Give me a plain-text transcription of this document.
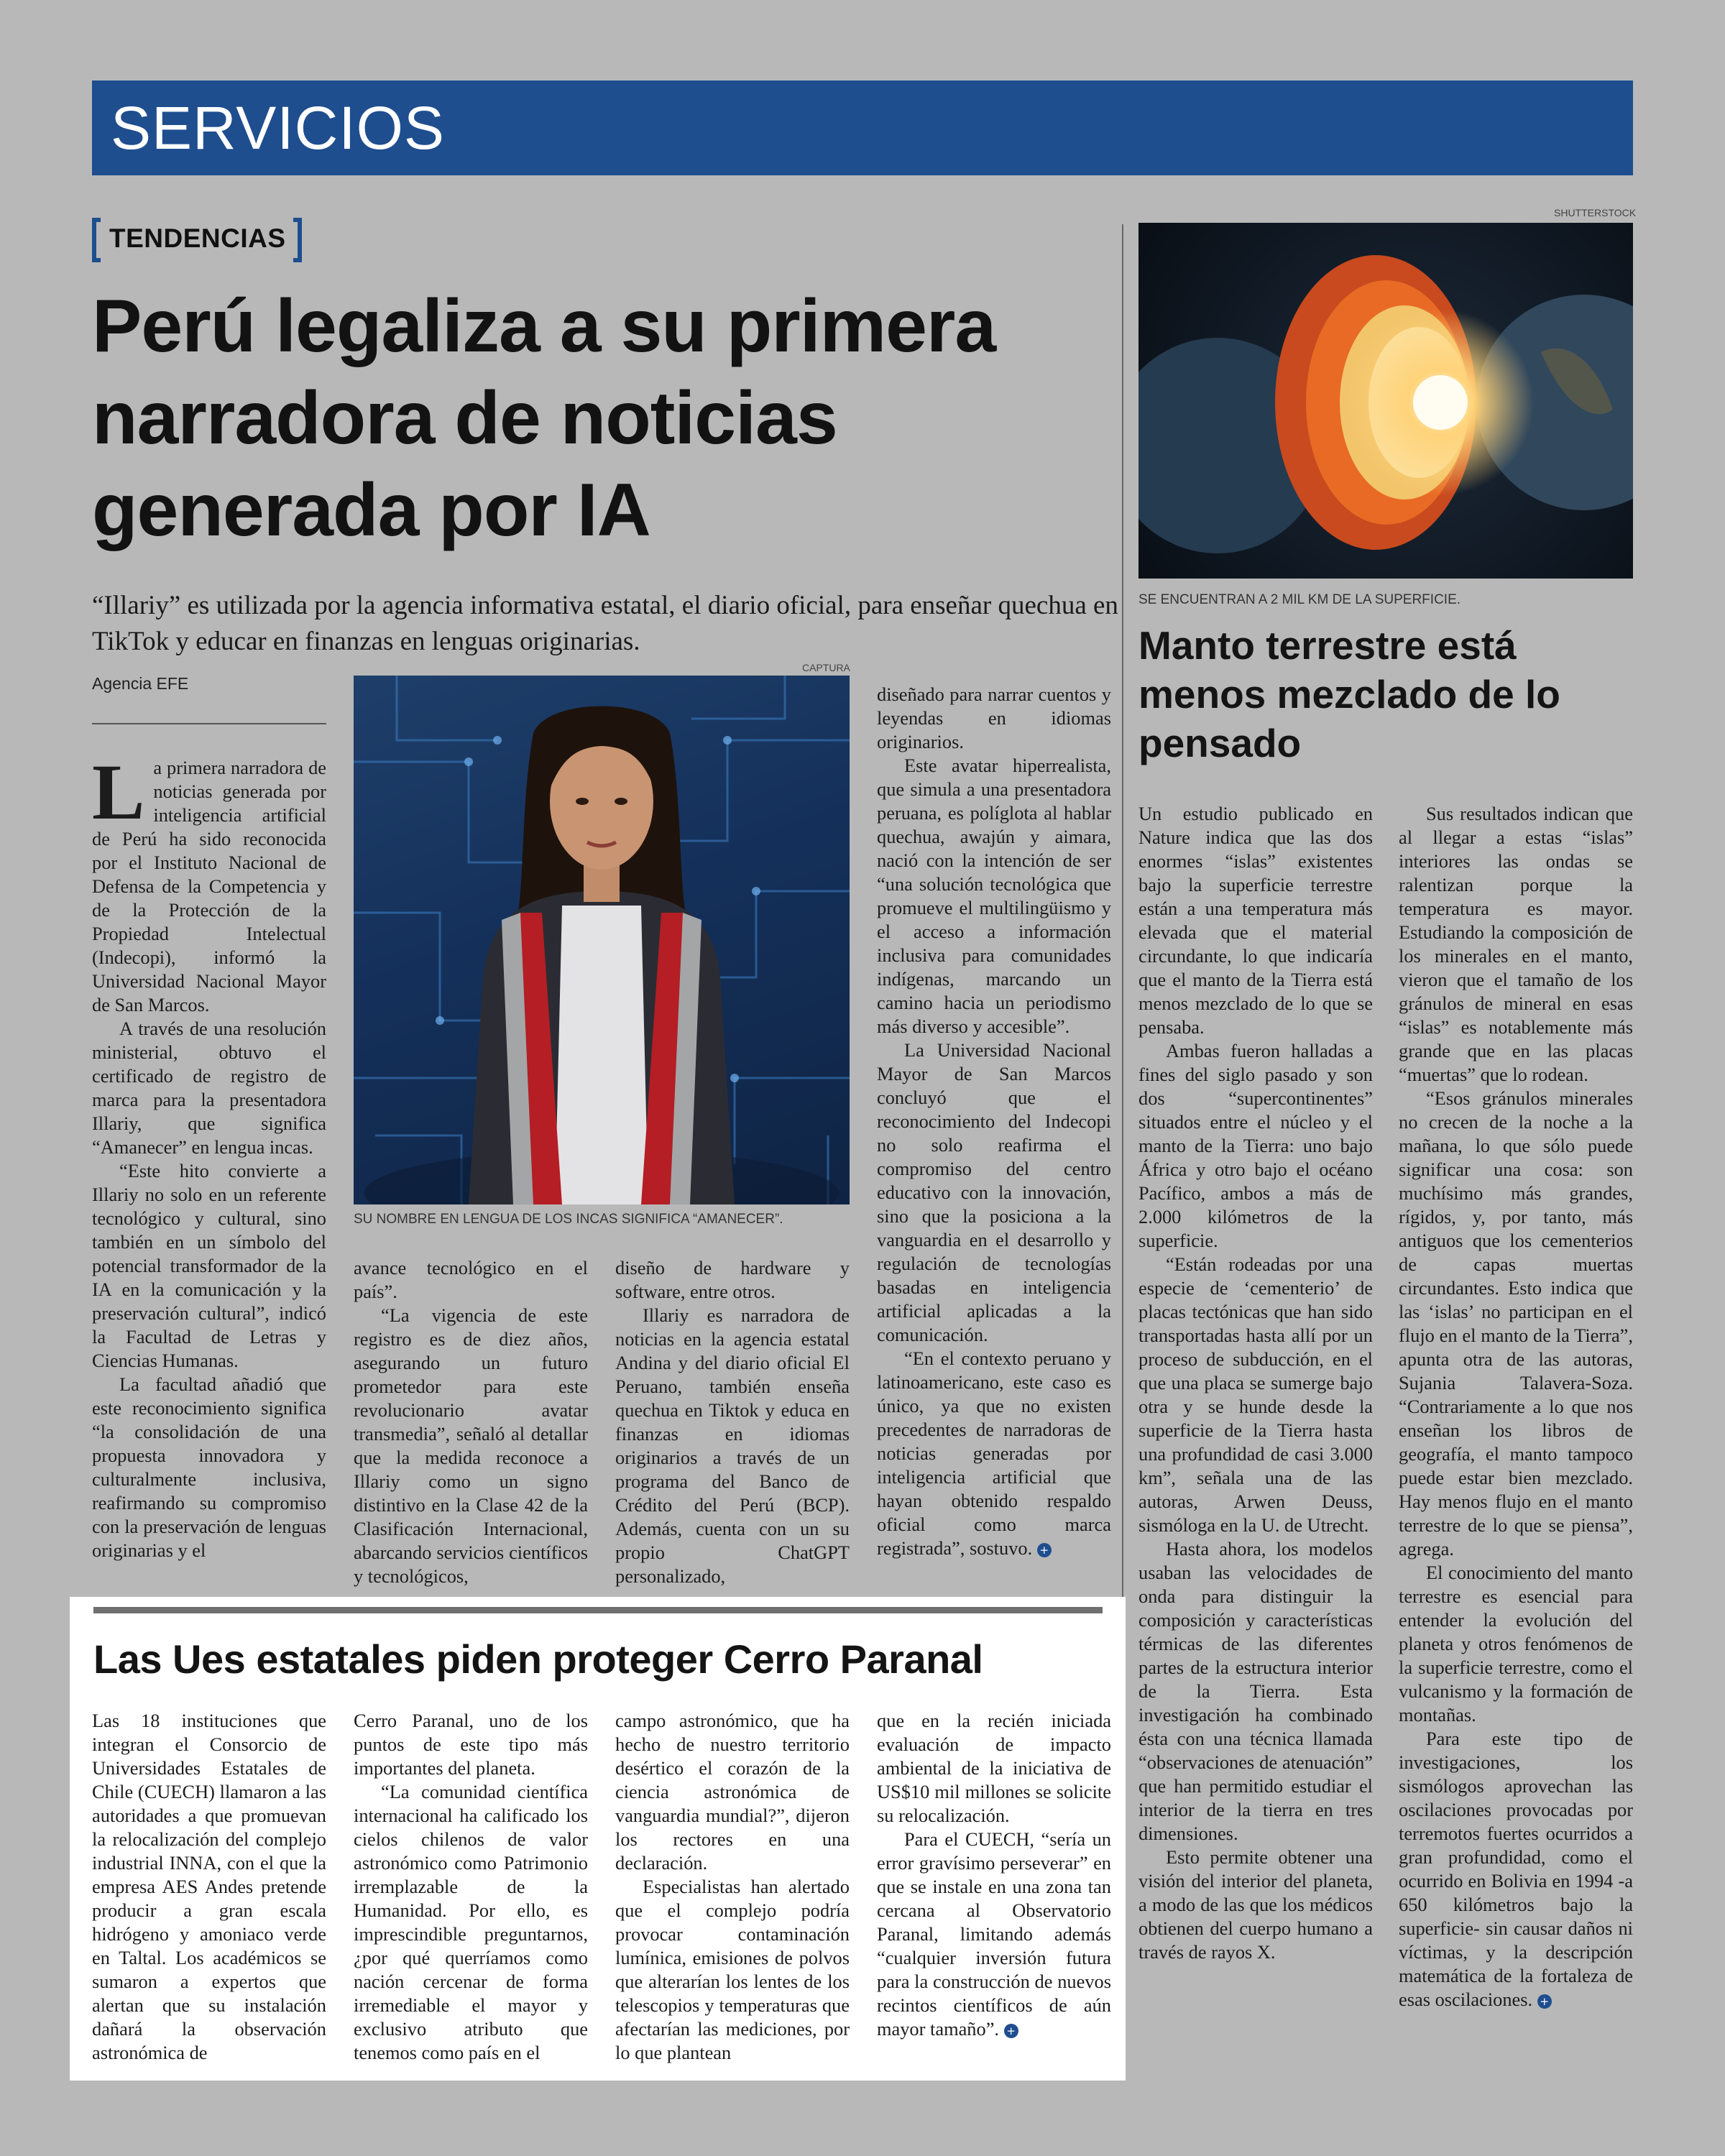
SERVICIOS
TENDENCIAS
Perú legaliza a su primera narradora de noticias generada por IA
“Illariy” es utilizada por la agencia informativa estatal, el diario oficial, para enseñar quechua en TikTok y educar en finanzas en lenguas originarias.
Agencia EFE

La primera narradora de noticias generada por inteligencia artificial de Perú ha sido reconocida por el Instituto Nacional de Defensa de la Competencia y de la Protección de la Propiedad Intelectual (Indecopi), informó la Universidad Nacional Mayor de San Marcos.

A través de una resolución ministerial, obtuvo el certificado de registro de marca para la presentadora Illariy, que significa “Amanecer” en lengua incas.

“Este hito convierte a Illariy no solo en un referente tecnológico y cultural, sino también en un símbolo del potencial transformador de la IA en la comunicación y la preservación cultural”, indicó la Facultad de Letras y Ciencias Humanas.

La facultad añadió que este reconocimiento significa “la consolidación de una propuesta innovadora y culturalmente inclusiva, reafirmando su compromiso con la preservación de lenguas originarias y el

CAPTURA
SU NOMBRE EN LENGUA DE LOS INCAS SIGNIFICA “AMANECER”.

avance tecnológico en el país”.

“La vigencia de este registro es de diez años, asegurando un futuro prometedor para este revolucionario avatar transmedia”, señaló al detallar que la medida reconoce a Illariy como un signo distintivo en la Clase 42 de la Clasificación Internacional, abarcando servicios científicos y tecnológicos,

diseño de hardware y software, entre otros.

Illariy es narradora de noticias en la agencia estatal Andina y del diario oficial El Peruano, también enseña quechua en Tiktok y educa en finanzas en idiomas originarios a través de un programa del Banco de Crédito del Perú (BCP). Además, cuenta con un su propio ChatGPT personalizado,

diseñado para narrar cuentos y leyendas en idiomas originarios.

Este avatar hiperrealista, que simula a una presentadora peruana, es políglota al hablar quechua, awajún y aimara, nació con la intención de ser “una solución tecnológica que promueve el multilingüismo y el acceso a información inclusiva para comunidades indígenas, marcando un camino hacia un periodismo más diverso y accesible”.

La Universidad Nacional Mayor de San Marcos concluyó que el reconocimiento del Indecopi no solo reafirma el compromiso del centro educativo con la innovación, sino que la posiciona a la vanguardia en el desarrollo y regulación de tecnologías basadas en inteligencia artificial aplicadas a la comunicación.

“En el contexto peruano y latinoamericano, este caso es único, ya que no existen precedentes de narradoras de noticias generadas por inteligencia artificial que hayan obtenido respaldo oficial como marca registrada”, sostuvo. +

SHUTTERSTOCK
SE ENCUENTRAN A 2 MIL KM DE LA SUPERFICIE.
Manto terrestre está menos mezclado de lo pensado

Un estudio publicado en Nature indica que las dos enormes “islas” existentes bajo la superficie terrestre están a una temperatura más elevada que el material circundante, lo que indicaría que el manto de la Tierra está menos mezclado de lo que se pensaba.

Ambas fueron halladas a fines del siglo pasado y son dos “supercontinentes” situados entre el núcleo y el manto de la Tierra: uno bajo África y otro bajo el océano Pacífico, ambos a más de 2.000 kilómetros de la superficie.

“Están rodeadas por una especie de ‘cementerio’ de placas tectónicas que han sido transportadas hasta allí por un proceso de subducción, en el que una placa se sumerge bajo otra y se hunde desde la superficie de la Tierra hasta una profundidad de casi 3.000 km”, señala una de las autoras, Arwen Deuss, sismóloga en la U. de Utrecht.

Hasta ahora, los modelos usaban las velocidades de onda para distinguir la composición y características térmicas de las diferentes partes de la estructura interior de la Tierra. Esta investigación ha combinado ésta con una técnica llamada “observaciones de atenuación” que han permitido estudiar el interior de la tierra en tres dimensiones.

Esto permite obtener una visión del interior del planeta, a modo de las que los médicos obtienen del cuerpo humano a través de rayos X.

Sus resultados indican que al llegar a estas “islas” interiores las ondas se ralentizan porque la temperatura es mayor. Estudiando la composición de los minerales en el manto, vieron que el tamaño de los gránulos de mineral en esas “islas” es notablemente más grande que en las placas “muertas” que lo rodean.

“Esos gránulos minerales no crecen de la noche a la mañana, lo que sólo puede significar una cosa: son muchísimo más grandes, rígidos, y, por tanto, más antiguos que los cementerios de capas muertas circundantes. Esto indica que las ‘islas’ no participan en el flujo en el manto de la Tierra”, apunta otra de las autoras, Sujania Talavera-Soza. “Contrariamente a lo que nos enseñan los libros de geografía, el manto tampoco puede estar bien mezclado. Hay menos flujo en el manto terrestre de lo que se piensa”, agrega.

El conocimiento del manto terrestre es esencial para entender la evolución del planeta y otros fenómenos de la superficie terrestre, como el vulcanismo y la formación de montañas.

Para este tipo de investigaciones, los sismólogos aprovechan las oscilaciones provocadas por terremotos fuertes ocurridos a gran profundidad, como el ocurrido en Bolivia en 1994 -a 650 kilómetros bajo la superficie- sin causar daños ni víctimas, y la descripción matemática de la fortaleza de esas oscilaciones. +

Las Ues estatales piden proteger Cerro Paranal

Las 18 instituciones que integran el Consorcio de Universidades Estatales de Chile (CUECH) llamaron a las autoridades a que promuevan la relocalización del complejo industrial INNA, con el que la empresa AES Andes pretende producir a gran escala hidrógeno y amoniaco verde en Taltal. Los académicos se sumaron a expertos que alertan que su instalación dañará la observación astronómica de

Cerro Paranal, uno de los puntos de este tipo más importantes del planeta.

“La comunidad científica internacional ha calificado los cielos chilenos de valor astronómico como Patrimonio irremplazable de la Humanidad. Por ello, es imprescindible preguntarnos, ¿por qué querríamos como nación cercenar de forma irremediable el mayor y exclusivo atributo que tenemos como país en el

campo astronómico, que ha hecho de nuestro territorio desértico el corazón de la ciencia astronómica de vanguardia mundial?”, dijeron los rectores en una declaración.

Especialistas han alertado que el complejo podría provocar contaminación lumínica, emisiones de polvos que alterarían los lentes de los telescopios y temperaturas que afectarían las mediciones, por lo que plantean

que en la recién iniciada evaluación de impacto ambiental de la iniciativa de US$10 mil millones se solicite su relocalización.

Para el CUECH, “sería un error gravísimo perseverar” en que se instale en una zona tan cercana al Observatorio Paranal, limitando además “cualquier inversión futura para la construcción de nuevos recintos científicos de aún mayor tamaño”. +
